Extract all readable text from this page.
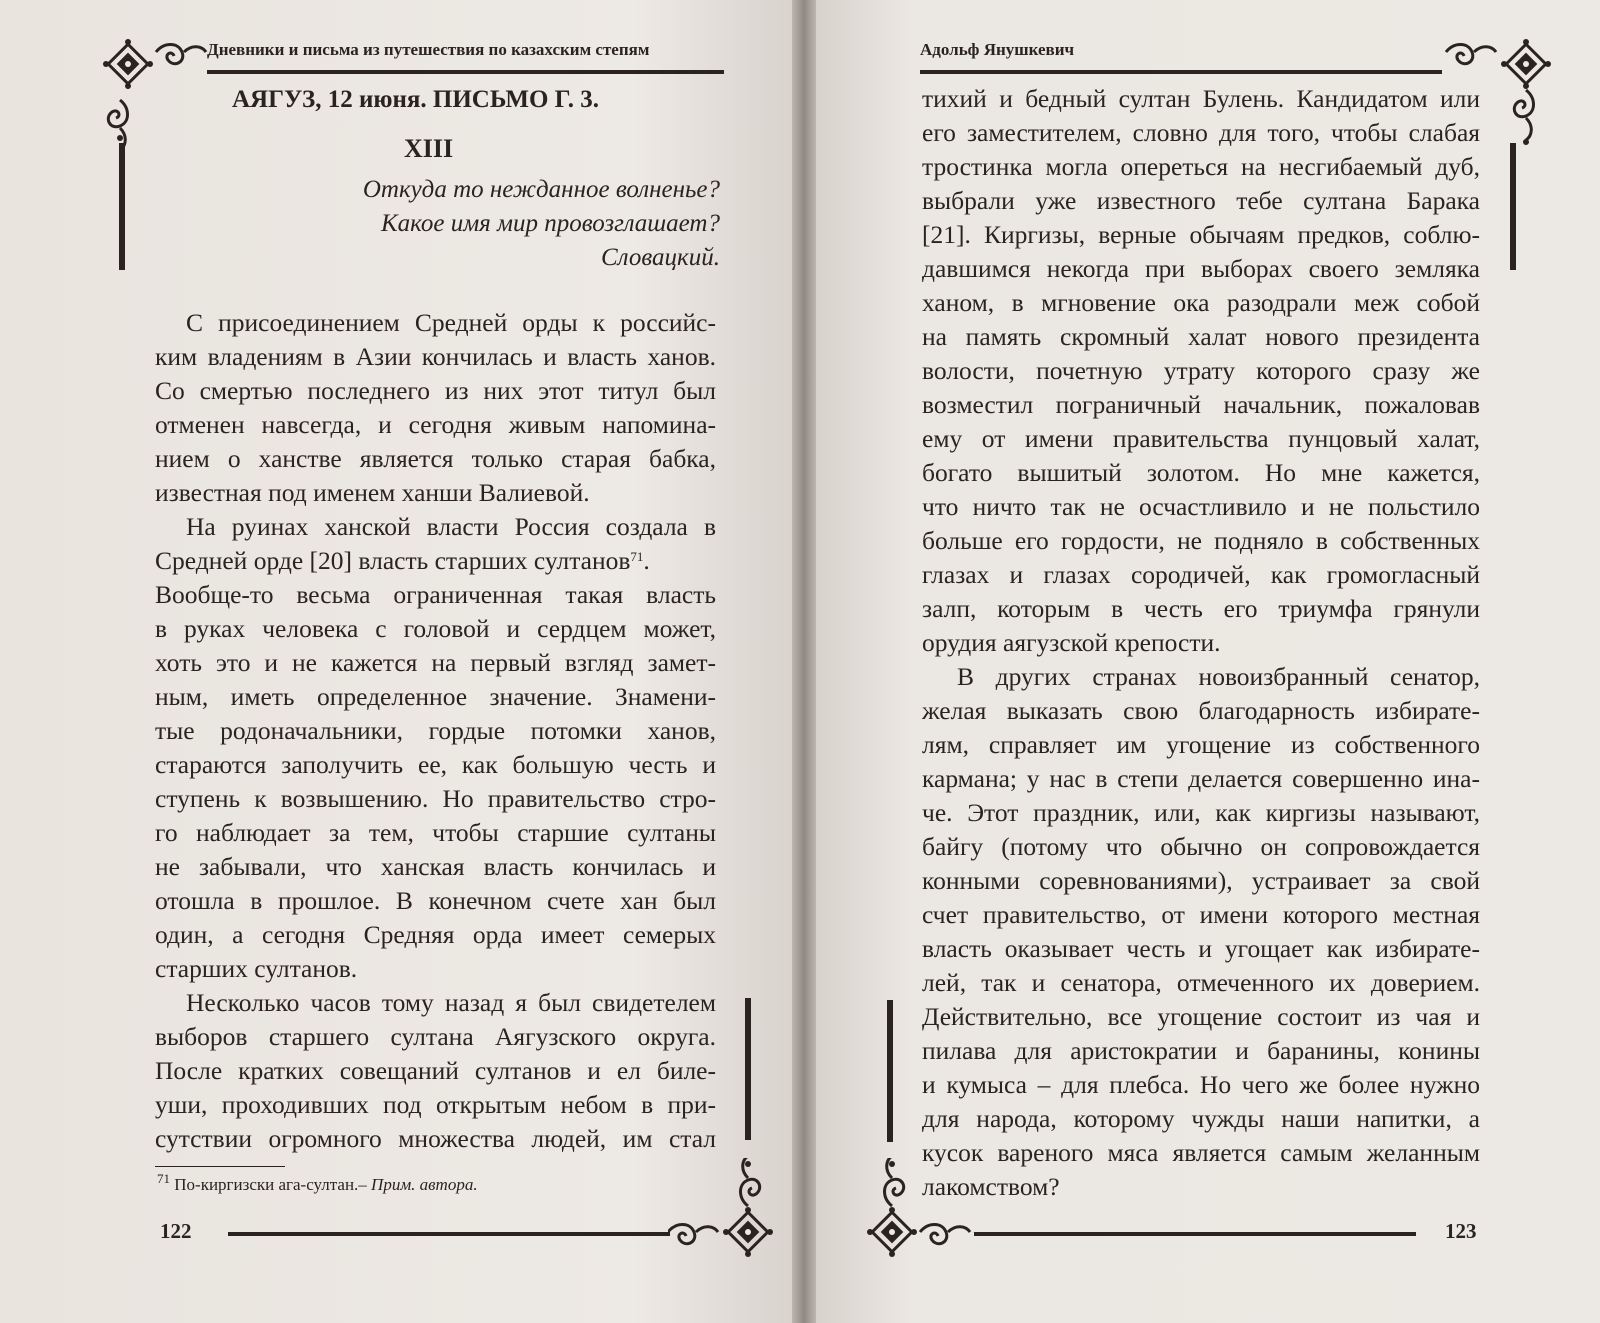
Дневники и письма из путешествия по казахским степям
АЯГУЗ, 12 июня. ПИСЬМО Г. 3.
XIII
Откуда то нежданное волненье?
Какое имя мир провозглашает?
Словацкий.
С присоединением Средней орды к российс-
ким владениям в Азии кончилась и власть ханов.
Со смертью последнего из них этот титул был
отменен навсегда, и сегодня живым напомина-
нием о ханстве является только старая бабка,
известная под именем ханши Валиевой.
На руинах ханской власти Россия создала в
Средней орде [20] власть старших султанов$^{71}$.
Вообще-то весьма ограниченная такая власть
в руках человека с головой и сердцем может,
хоть это и не кажется на первый взгляд замет-
ным, иметь определенное значение. Знамени-
тые родоначальники, гордые потомки ханов,
стараются заполучить ее, как большую честь и
ступень к возвышению. Но правительство стро-
го наблюдает за тем, чтобы старшие султаны
не забывали, что ханская власть кончилась и
отошла в прошлое. В конечном счете хан был
один, а сегодня Средняя орда имеет семерых
старших султанов.
Несколько часов тому назад я был свидетелем
выборов старшего султана Аягузского округа.
После кратких совещаний султанов и ел биле-
уши, проходивших под открытым небом в при-
сутствии огромного множества людей, им стал
$^{71}$ По-киргизски ага-султан.– Прим. автора.
122
Адольф Янушкевич
тихий и бедный султан Булень. Кандидатом или
его заместителем, словно для того, чтобы слабая
тростинка могла опереться на несгибаемый дуб,
выбрали уже известного тебе султана Барака
[21]. Киргизы, верные обычаям предков, соблю-
давшимся некогда при выборах своего земляка
ханом, в мгновение ока разодрали меж собой
на память скромный халат нового президента
волости, почетную утрату которого сразу же
возместил пограничный начальник, пожаловав
ему от имени правительства пунцовый халат,
богато вышитый золотом. Но мне кажется,
что ничто так не осчастливило и не польстило
больше его гордости, не подняло в собственных
глазах и глазах сородичей, как громогласный
залп, которым в честь его триумфа грянули
орудия аягузской крепости.
В других странах новоизбранный сенатор,
желая выказать свою благодарность избирате-
лям, справляет им угощение из собственного
кармана; у нас в степи делается совершенно ина-
че. Этот праздник, или, как киргизы называют,
байгу (потому что обычно он сопровождается
конными соревнованиями), устраивает за свой
счет правительство, от имени которого местная
власть оказывает честь и угощает как избирате-
лей, так и сенатора, отмеченного их доверием.
Действительно, все угощение состоит из чая и
пилава для аристократии и баранины, конины
и кумыса – для плебса. Но чего же более нужно
для народа, которому чужды наши напитки, а
кусок вареного мяса является самым желанным
лакомством?
123
